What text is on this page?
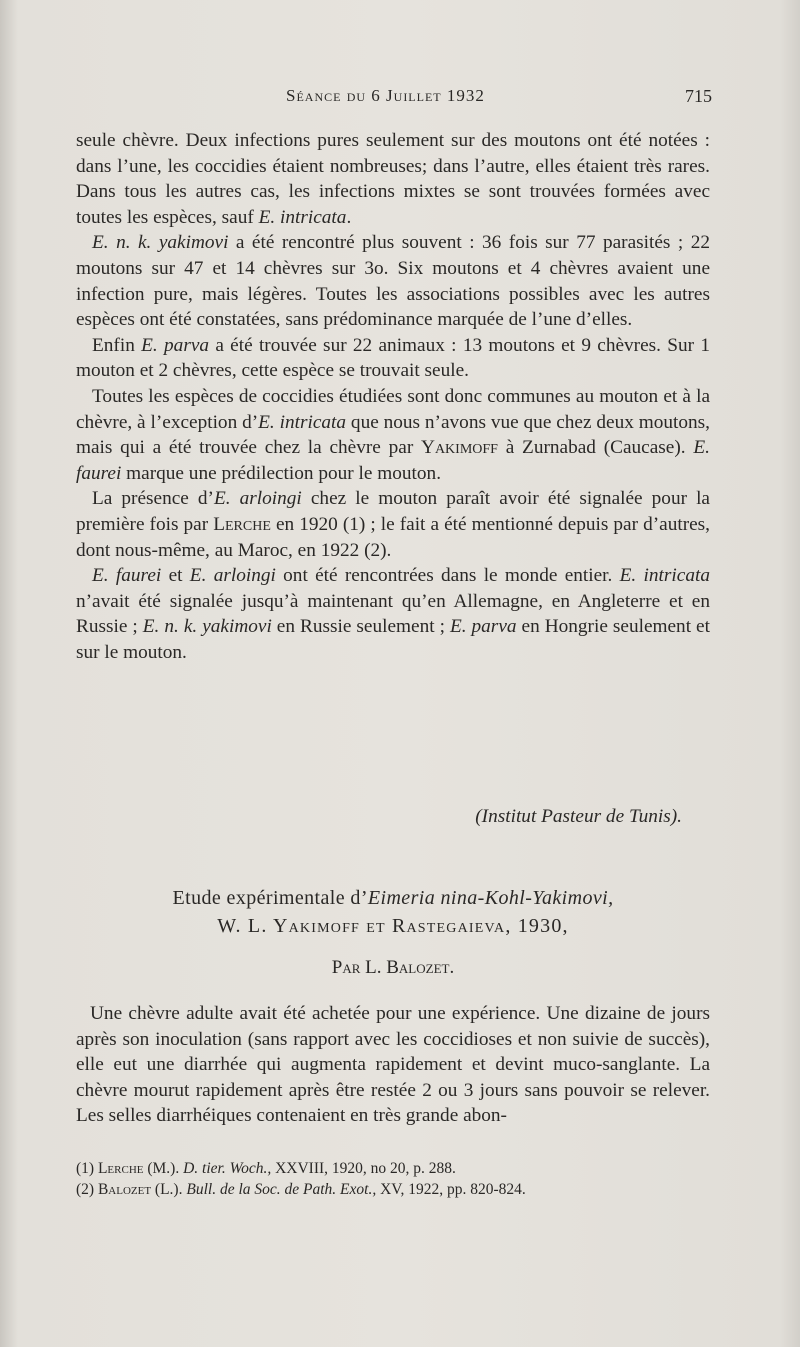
Séance du 6 Juillet 1932	715

seule chèvre. Deux infections pures seulement sur des moutons ont été notées : dans l’une, les coccidies étaient nombreuses; dans l’autre, elles étaient très rares. Dans tous les autres cas, les infections mixtes se sont trouvées formées avec toutes les espèces, sauf E. intricata.

E. n. k. yakimovi a été rencontré plus souvent : 36 fois sur 77 parasités ; 22 moutons sur 47 et 14 chèvres sur 3o. Six moutons et 4 chèvres avaient une infection pure, mais légères. Toutes les associations possibles avec les autres espèces ont été constatées, sans prédominance marquée de l’une d’elles.

Enfin E. parva a été trouvée sur 22 animaux : 13 moutons et 9 chèvres. Sur 1 mouton et 2 chèvres, cette espèce se trouvait seule.

Toutes les espèces de coccidies étudiées sont donc communes au mouton et à la chèvre, à l’exception d’E. intricata que nous n’avons vue que chez deux moutons, mais qui a été trouvée chez la chèvre par Yakimoff à Zurnabad (Caucase). E. faurei marque une prédilection pour le mouton.

La présence d’E. arloingi chez le mouton paraît avoir été signalée pour la première fois par Lerche en 1920 (1) ; le fait a été mentionné depuis par d’autres, dont nous-même, au Maroc, en 1922 (2).

E. faurei et E. arloingi ont été rencontrées dans le monde entier. E. intricata n’avait été signalée jusqu’à maintenant qu’en Allemagne, en Angleterre et en Russie ; E. n. k. yakimovi en Russie seulement ; E. parva en Hongrie seulement et sur le mouton.

(Institut Pasteur de Tunis).
Etude expérimentale d’Eimeria nina-Kohl-Yakimovi,
W. L. Yakimoff et Rastegaieva, 1930,
Par L. Balozet.

Une chèvre adulte avait été achetée pour une expérience. Une dizaine de jours après son inoculation (sans rapport avec les coccidioses et non suivie de succès), elle eut une diarrhée qui augmenta rapidement et devint muco-sanglante. La chèvre mourut rapidement après être restée 2 ou 3 jours sans pouvoir se relever. Les selles diarrhéiques contenaient en très grande abon-

(1) Lerche (M.). D. tier. Woch., XXVIII, 1920, no 20, p. 288.
(2) Balozet (L.). Bull. de la Soc. de Path. Exot., XV, 1922, pp. 820-824.
